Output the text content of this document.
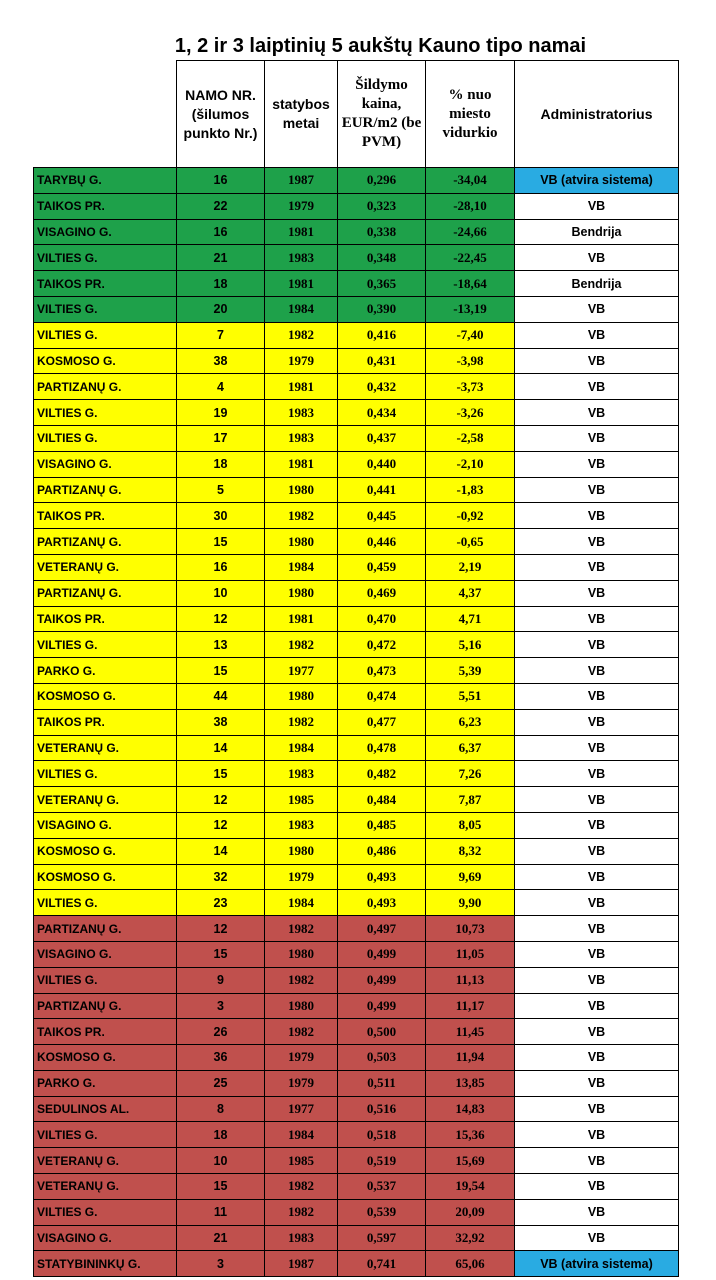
1, 2 ir 3 laiptinių 5 aukštų Kauno tipo namai
	NAMO NR. (šilumos punkto Nr.)	statybos metai	Šildymo kaina, EUR/m2 (be PVM)	% nuo miesto vidurkio	Administratorius
TARYBŲ G.	16	1987	0,296	-34,04	VB (atvira sistema)
TAIKOS PR.	22	1979	0,323	-28,10	VB
VISAGINO G.	16	1981	0,338	-24,66	Bendrija
VILTIES G.	21	1983	0,348	-22,45	VB
TAIKOS PR.	18	1981	0,365	-18,64	Bendrija
VILTIES G.	20	1984	0,390	-13,19	VB
VILTIES G.	7	1982	0,416	-7,40	VB
KOSMOSO G.	38	1979	0,431	-3,98	VB
PARTIZANŲ G.	4	1981	0,432	-3,73	VB
VILTIES G.	19	1983	0,434	-3,26	VB
VILTIES G.	17	1983	0,437	-2,58	VB
VISAGINO G.	18	1981	0,440	-2,10	VB
PARTIZANŲ G.	5	1980	0,441	-1,83	VB
TAIKOS PR.	30	1982	0,445	-0,92	VB
PARTIZANŲ G.	15	1980	0,446	-0,65	VB
VETERANŲ G.	16	1984	0,459	2,19	VB
PARTIZANŲ G.	10	1980	0,469	4,37	VB
TAIKOS PR.	12	1981	0,470	4,71	VB
VILTIES G.	13	1982	0,472	5,16	VB
PARKO G.	15	1977	0,473	5,39	VB
KOSMOSO G.	44	1980	0,474	5,51	VB
TAIKOS PR.	38	1982	0,477	6,23	VB
VETERANŲ G.	14	1984	0,478	6,37	VB
VILTIES G.	15	1983	0,482	7,26	VB
VETERANŲ G.	12	1985	0,484	7,87	VB
VISAGINO G.	12	1983	0,485	8,05	VB
KOSMOSO G.	14	1980	0,486	8,32	VB
KOSMOSO G.	32	1979	0,493	9,69	VB
VILTIES G.	23	1984	0,493	9,90	VB
PARTIZANŲ G.	12	1982	0,497	10,73	VB
VISAGINO G.	15	1980	0,499	11,05	VB
VILTIES G.	9	1982	0,499	11,13	VB
PARTIZANŲ G.	3	1980	0,499	11,17	VB
TAIKOS PR.	26	1982	0,500	11,45	VB
KOSMOSO G.	36	1979	0,503	11,94	VB
PARKO G.	25	1979	0,511	13,85	VB
SEDULINOS AL.	8	1977	0,516	14,83	VB
VILTIES G.	18	1984	0,518	15,36	VB
VETERANŲ G.	10	1985	0,519	15,69	VB
VETERANŲ G.	15	1982	0,537	19,54	VB
VILTIES G.	11	1982	0,539	20,09	VB
VISAGINO G.	21	1983	0,597	32,92	VB
STATYBININKŲ G.	3	1987	0,741	65,06	VB (atvira sistema)
